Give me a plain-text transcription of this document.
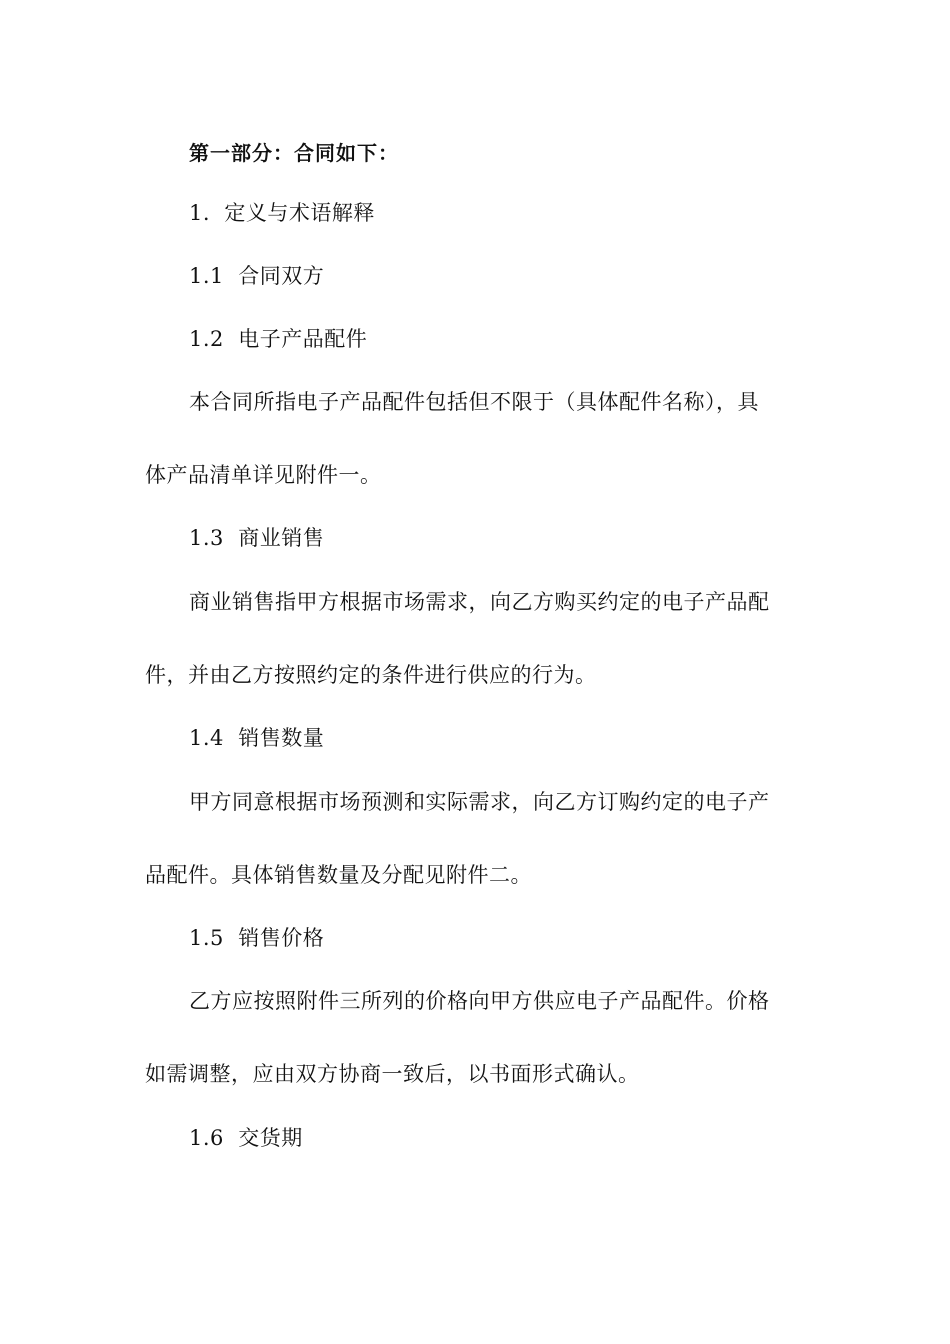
第一部分：合同如下：
1. 定义与术语解释
1.1 合同双方
1.2 电子产品配件
本合同所指电子产品配件包括但不限于（具体配件名称），具
体产品清单详见附件一。
1.3 商业销售
商业销售指甲方根据市场需求，向乙方购买约定的电子产品配
件，并由乙方按照约定的条件进行供应的行为。
1.4 销售数量
甲方同意根据市场预测和实际需求，向乙方订购约定的电子产
品配件。具体销售数量及分配见附件二。
1.5 销售价格
乙方应按照附件三所列的价格向甲方供应电子产品配件。价格
如需调整，应由双方协商一致后，以书面形式确认。
1.6 交货期
